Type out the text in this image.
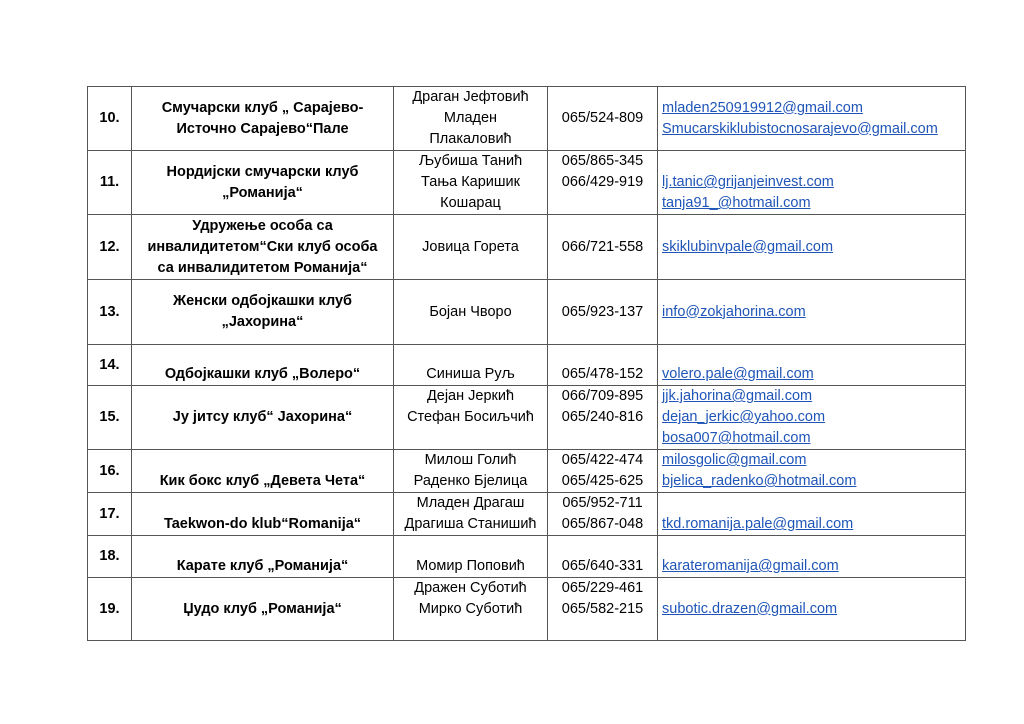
10.	Смучарски клуб „ Сарајево-
Источно Сарајево“Пале	Драган Јефтовић
Младен
Плакаловић	065/524-809	mladen250919912@gmail.com
Smucarskiklubistocnosarajevo@gmail.com

11.	Нордијски смучарски клуб
„Романија“	Љубиша Танић
Тања Каришик
Кошарац	065/865-345
066/429-919	lj.tanic@grijanjeinvest.com
tanja91_@hotmail.com

12.	Удружење особа са
инвалидитетом“Ски клуб особа
са инвалидитетом Романија“	Јовица Горета	066/721-558	skiklubinvpale@gmail.com

13.	Женски одбојкашки клуб
„Јахорина“	Бојан Чворо	065/923-137	info@zokjahorina.com

14.	Одбојкашки клуб „Волеро“	Синиша Руљ	065/478-152	volero.pale@gmail.com

15.	Ју јитсу клуб“ Јахорина“	Дејан Јеркић
Стефан Босиљчић	066/709-895
065/240-816	jjk.jahorina@gmail.com
dejan_jerkic@yahoo.com
bosa007@hotmail.com

16.	Кик бокс клуб „Девета Чета“	Милош Голић
Раденко Бјелица	065/422-474
065/425-625	milosgolic@gmail.com
bjelica_radenko@hotmail.com

17.	Taekwon-do klub“Romanija“	Младен Драгаш
Драгиша Станишић	065/952-711
065/867-048	tkd.romanija.pale@gmail.com

18.	Карате клуб „Романија“	Момир Поповић	065/640-331	karateromanija@gmail.com

19.	Џудо клуб „Романија“	Дражен Суботић
Мирко Суботић	065/229-461
065/582-215	subotic.drazen@gmail.com
